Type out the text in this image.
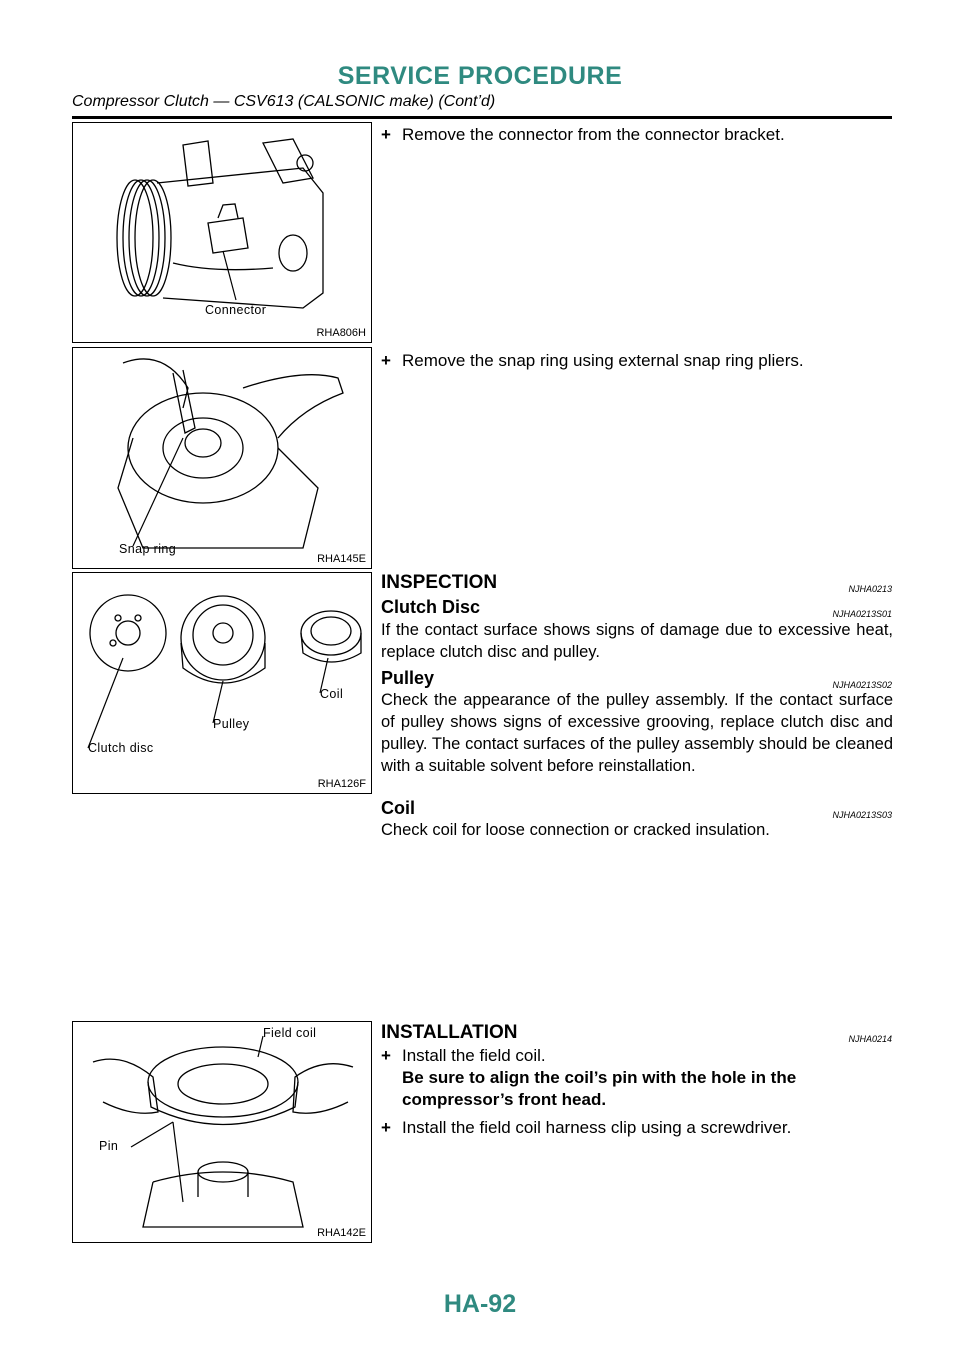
SERVICE PROCEDURE
Compressor Clutch — CSV613 (CALSONIC make) (Cont’d)
Connector
RHA806H
Snap ring
RHA145E
Coil
Pulley
Clutch disc
RHA126F
Field coil
Pin
RHA142E
+ Remove the connector from the connector bracket.
+ Remove the snap ring using external snap ring pliers.
INSPECTION	NJHA0213
Clutch Disc	NJHA0213S01
If the contact surface shows signs of damage due to excessive heat, replace clutch disc and pulley.
Pulley	NJHA0213S02
Check the appearance of the pulley assembly. If the contact surface of pulley shows signs of excessive grooving, replace clutch disc and pulley. The contact surfaces of the pulley assembly should be cleaned with a suitable solvent before reinstallation.
Coil	NJHA0213S03
Check coil for loose connection or cracked insulation.
INSTALLATION	NJHA0214
+ Install the field coil.
Be sure to align the coil’s pin with the hole in the compressor’s front head.
+ Install the field coil harness clip using a screwdriver.
HA-92
